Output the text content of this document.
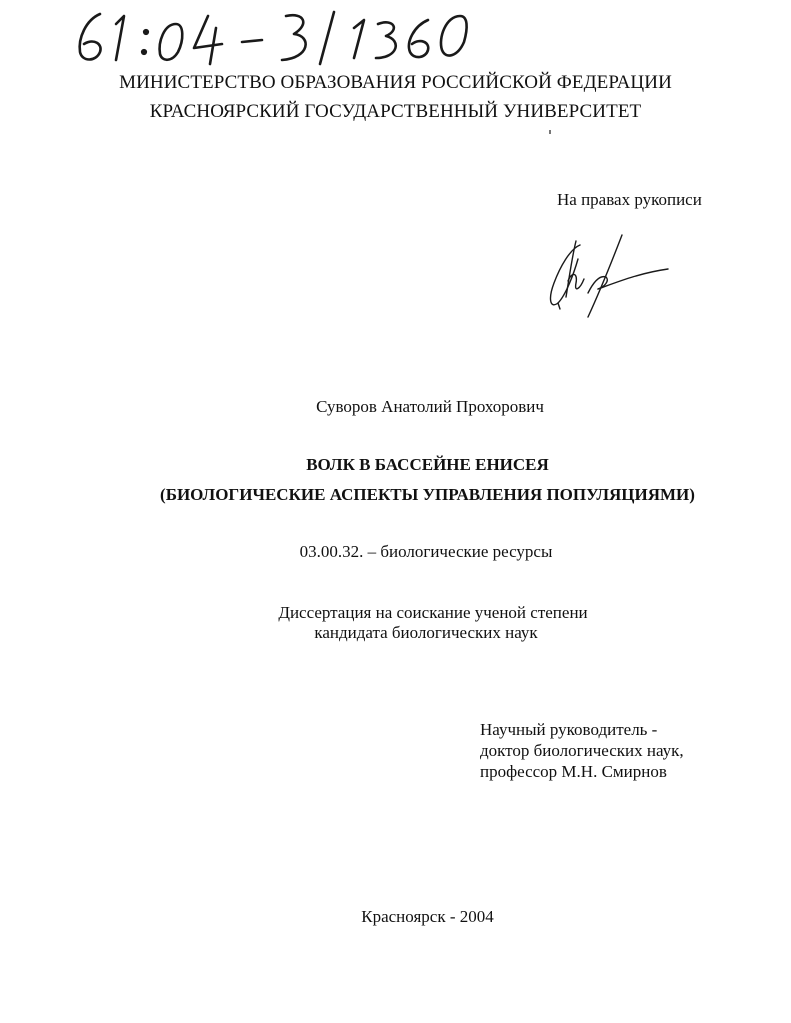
МИНИСТЕРСТВО ОБРАЗОВАНИЯ РОССИЙСКОЙ ФЕДЕРАЦИИ
КРАСНОЯРСКИЙ ГОСУДАРСТВЕННЫЙ УНИВЕРСИТЕТ
На правах рукописи
Суворов Анатолий Прохорович
ВОЛК В БАССЕЙНЕ ЕНИСЕЯ
(БИОЛОГИЧЕСКИЕ АСПЕКТЫ УПРАВЛЕНИЯ ПОПУЛЯЦИЯМИ)
03.00.32. – биологические ресурсы
Диссертация на соискание ученой степени
кандидата биологических наук
Научный руководитель -
доктор биологических наук,
профессор М.Н. Смирнов
Красноярск - 2004
